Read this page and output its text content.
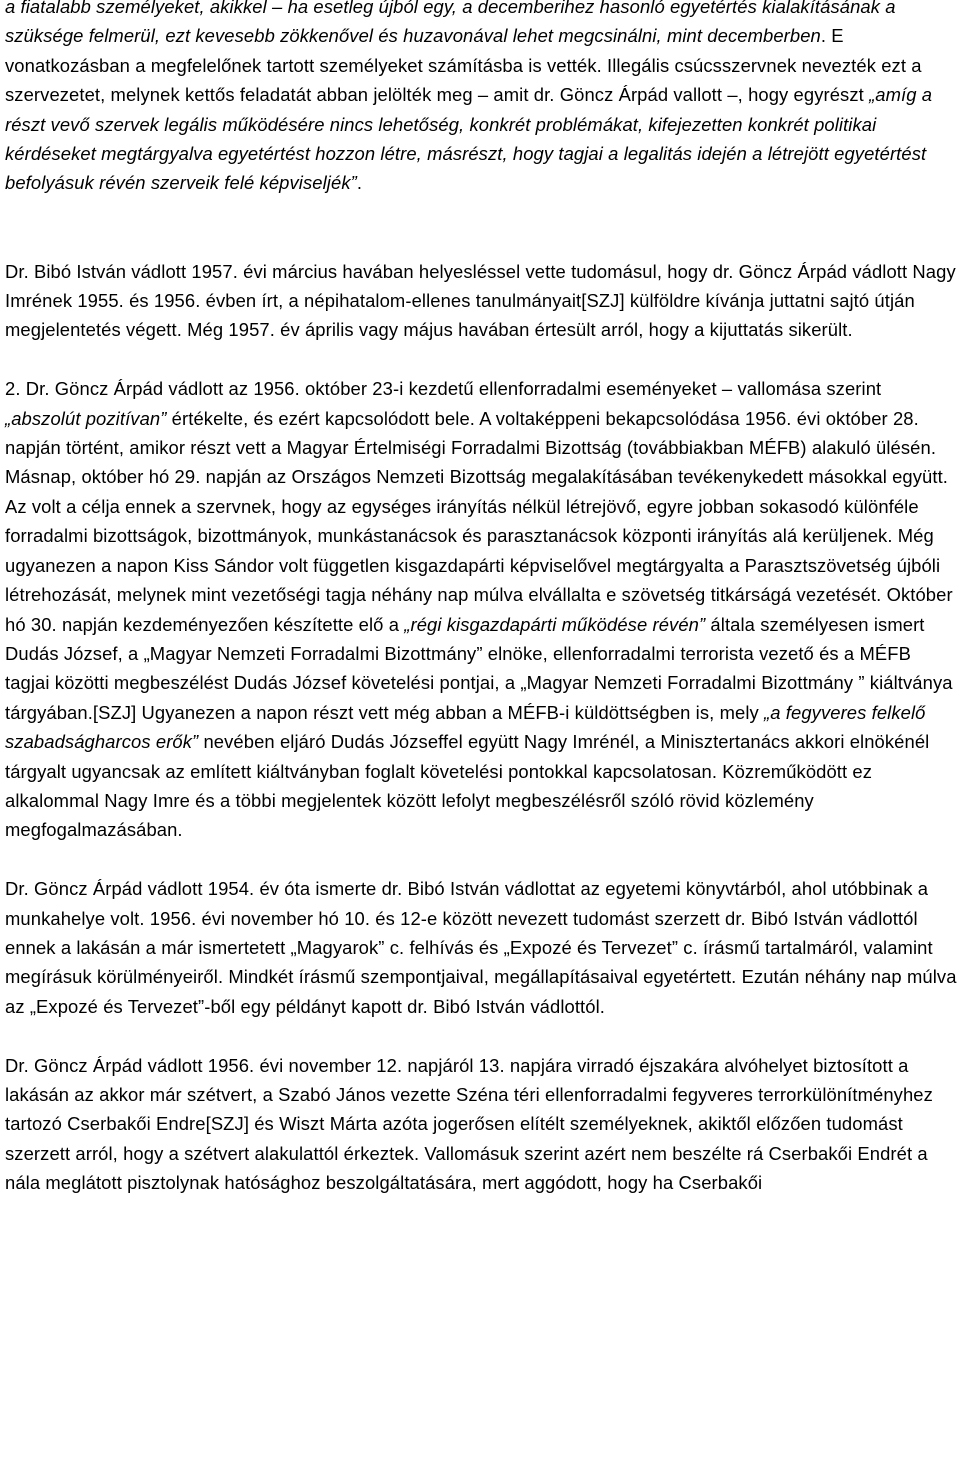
a fiatalabb személyeket, akikkel – ha esetleg újból egy, a decemberihez hasonló egyetértés kialakításának a szüksége felmerül, ezt kevesebb zökkenővel és huzavonával lehet megcsinálni, mint decemberben. E vonatkozásban a megfelelőnek tartott személyeket számításba is vették. Illegális csúcsszervnek nevezték ezt a szervezetet, melynek kettős feladatát abban jelölték meg – amit dr. Göncz Árpád vallott –, hogy egyrészt „amíg a részt vevő szervek legális működésére nincs lehetőség, konkrét problémákat, kifejezetten konkrét politikai kérdéseket megtárgyalva egyetértést hozzon létre, másrészt, hogy tagjai a legalitás idején a létrejött egyetértést befolyásuk révén szerveik felé képviseljék”.

Dr. Bibó István vádlott 1957. évi március havában helyesléssel vette tudomásul, hogy dr. Göncz Árpád vádlott Nagy Imrének 1955. és 1956. évben írt, a népihatalom-ellenes tanulmányait[SZJ] külföldre kívánja juttatni sajtó útján megjelentetés végett. Még 1957. év április vagy május havában értesült arról, hogy a kijuttatás sikerült.

2. Dr. Göncz Árpád vádlott az 1956. október 23-i kezdetű ellenforradalmi eseményeket – vallomása szerint „abszolút pozitívan” értékelte, és ezért kapcsolódott bele. A voltaképpeni bekapcsolódása 1956. évi október 28. napján történt, amikor részt vett a Magyar Értelmiségi Forradalmi Bizottság (továbbiakban MÉFB) alakuló ülésén. Másnap, október hó 29. napján az Országos Nemzeti Bizottság megalakításában tevékenykedett másokkal együtt. Az volt a célja ennek a szervnek, hogy az egységes irányítás nélkül létrejövő, egyre jobban sokasodó különféle forradalmi bizottságok, bizottmányok, munkástanácsok és parasztanácsok központi irányítás alá kerüljenek. Még ugyanezen a napon Kiss Sándor volt független kisgazdapárti képviselővel megtárgyalta a Parasztszövetség újbóli létrehozását, melynek mint vezetőségi tagja néhány nap múlva elvállalta e szövetség titkárságá vezetését. Október hó 30. napján kezdeményezően készítette elő a „régi kisgazdapárti működése révén” általa személyesen ismert Dudás József, a „Magyar Nemzeti Forradalmi Bizottmány” elnöke, ellenforradalmi terrorista vezető és a MÉFB tagjai közötti megbeszélést Dudás József követelési pontjai, a „Magyar Nemzeti Forradalmi Bizottmány ” kiáltványa tárgyában.[SZJ] Ugyanezen a napon részt vett még abban a MÉFB-i küldöttségben is, mely „a fegyveres felkelő szabadságharcos erők” nevében eljáró Dudás Józseffel együtt Nagy Imrénél, a Minisztertanács akkori elnökénél tárgyalt ugyancsak az említett kiáltványban foglalt követelési pontokkal kapcsolatosan. Közreműködött ez alkalommal Nagy Imre és a többi megjelentek között lefolyt megbeszélésről szóló rövid közlemény megfogalmazásában.

Dr. Göncz Árpád vádlott 1954. év óta ismerte dr. Bibó István vádlottat az egyetemi könyvtárból, ahol utóbbinak a munkahelye volt. 1956. évi november hó 10. és 12-e között nevezett tudomást szerzett dr. Bibó István vádlottól ennek a lakásán a már ismertetett „Magyarok” c. felhívás és „Expozé és Tervezet” c. írásmű tartalmáról, valamint megírásuk körülményeiről. Mindkét írásmű szempontjaival, megállapításaival egyetértett. Ezután néhány nap múlva az „Expozé és Tervezet”-ből egy példányt kapott dr. Bibó István vádlottól.

Dr. Göncz Árpád vádlott 1956. évi november 12. napjáról 13. napjára virradó éjszakára alvóhelyet biztosított a lakásán az akkor már szétvert, a Szabó János vezette Széna téri ellenforradalmi fegyveres terrorkülönítményhez tartozó Cserbakői Endre[SZJ] és Wiszt Márta azóta jogerősen elítélt személyeknek, akiktől előzően tudomást szerzett arról, hogy a szétvert alakulattól érkeztek. Vallomásuk szerint azért nem beszélte rá Cserbakői Endrét a nála meglátott pisztolynak hatósághoz beszolgáltatására, mert aggódott, hogy ha Cserbakői
